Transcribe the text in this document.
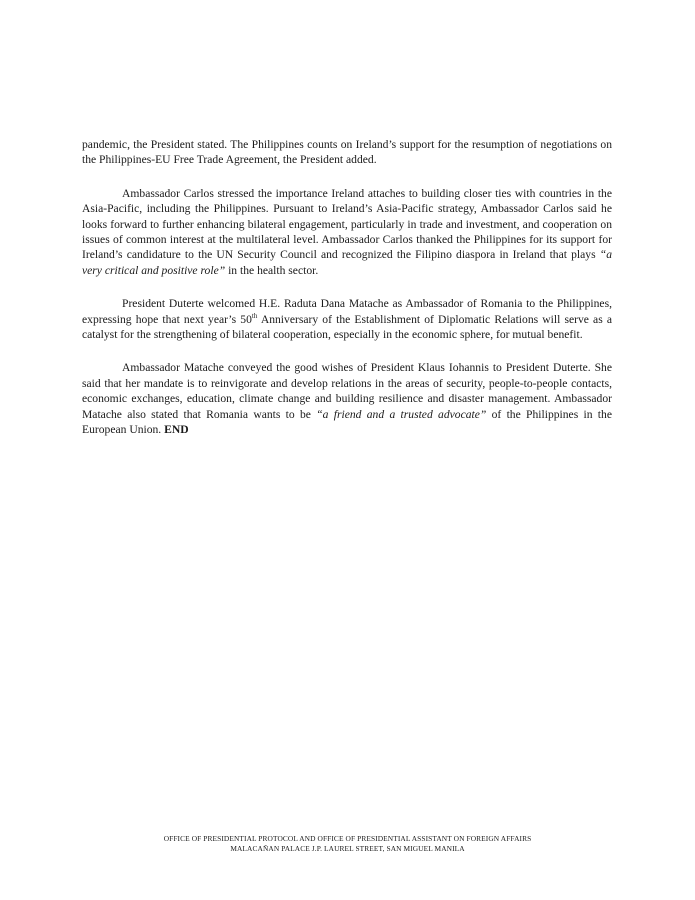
pandemic, the President stated. The Philippines counts on Ireland’s support for the resumption of negotiations on the Philippines-EU Free Trade Agreement, the President added.

Ambassador Carlos stressed the importance Ireland attaches to building closer ties with countries in the Asia-Pacific, including the Philippines. Pursuant to Ireland’s Asia-Pacific strategy, Ambassador Carlos said he looks forward to further enhancing bilateral engagement, particularly in trade and investment, and cooperation on issues of common interest at the multilateral level. Ambassador Carlos thanked the Philippines for its support for Ireland’s candidature to the UN Security Council and recognized the Filipino diaspora in Ireland that plays “a very critical and positive role” in the health sector.

President Duterte welcomed H.E. Raduta Dana Matache as Ambassador of Romania to the Philippines, expressing hope that next year’s 50th Anniversary of the Establishment of Diplomatic Relations will serve as a catalyst for the strengthening of bilateral cooperation, especially in the economic sphere, for mutual benefit.

Ambassador Matache conveyed the good wishes of President Klaus Iohannis to President Duterte. She said that her mandate is to reinvigorate and develop relations in the areas of security, people-to-people contacts, economic exchanges, education, climate change and building resilience and disaster management. Ambassador Matache also stated that Romania wants to be “a friend and a trusted advocate” of the Philippines in the European Union. END

OFFICE OF PRESIDENTIAL PROTOCOL AND OFFICE OF PRESIDENTIAL ASSISTANT ON FOREIGN AFFAIRS
MALACAÑAN PALACE J.P. LAUREL STREET, SAN MIGUEL MANILA
